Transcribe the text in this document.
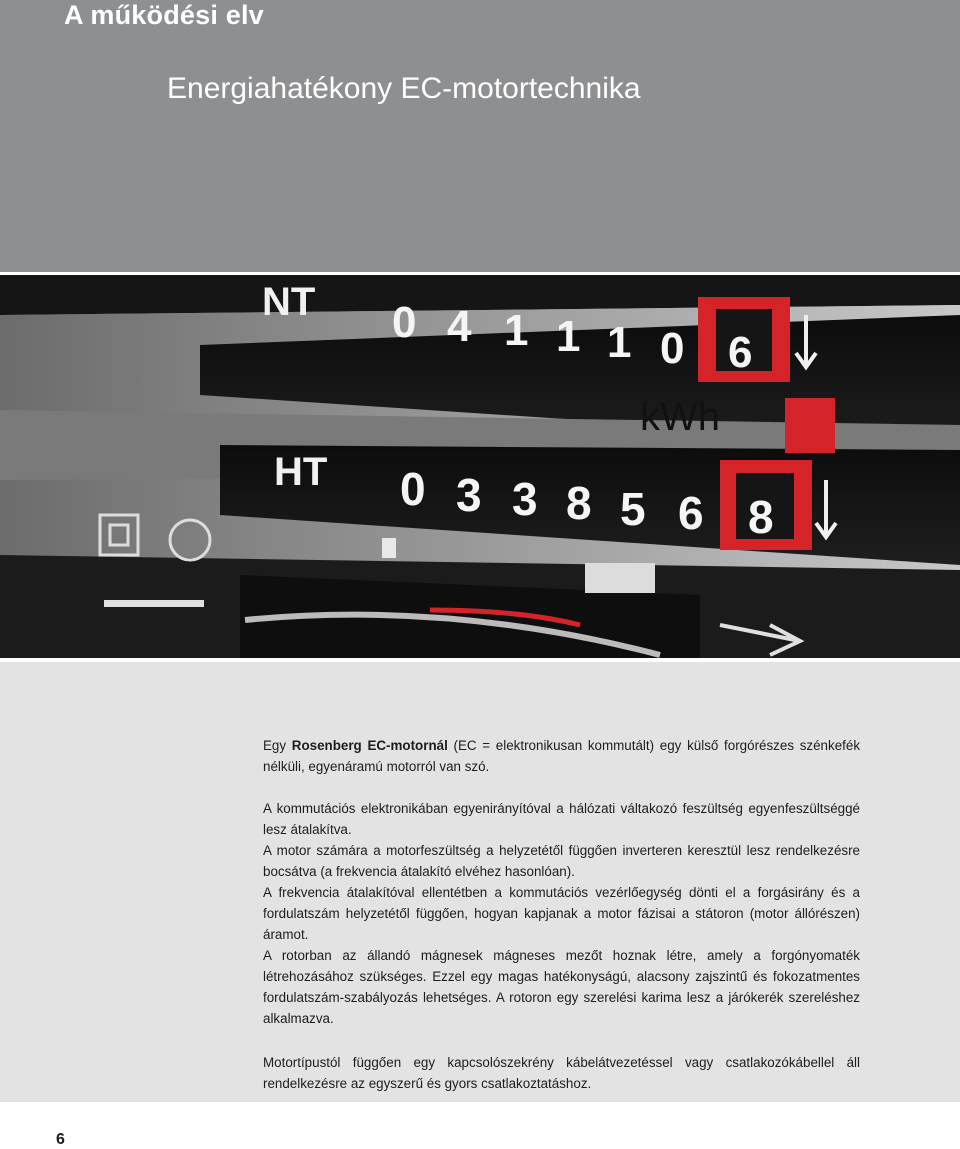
A működési elv
Energiahatékony EC-motortechnika
NT 0 4 1 1 1 0 6
kWh
HT 0 3 3 8 5 6 8

Egy Rosenberg EC-motornál (EC = elektronikusan kommutált) egy külső forgórészes szénkefék nélküli, egyenáramú motorról van szó.

A kommutációs elektronikában egyenirányítóval a hálózati váltakozó feszültség egyenfeszültséggé lesz átalakítva.

A motor számára a motorfeszültség a helyzetétől függően inverteren keresztül lesz rendelkezésre bocsátva (a frekvencia átalakító elvéhez hasonlóan).

A frekvencia átalakítóval ellentétben a kommutációs vezérlőegység dönti el a forgásirány és a fordulatszám helyzetétől függően, hogyan kapjanak a motor fázisai a státoron (motor állórészen) áramot.

A rotorban az állandó mágnesek mágneses mezőt hoznak létre, amely a forgónyomaték létrehozásához szükséges. Ezzel egy magas hatékonyságú, alacsony zajszintű és fokozatmentes fordulatszám-szabályozás lehetséges. A rotoron egy szerelési karima lesz a járókerék szereléshez alkalmazva.

Motortípustól függően egy kapcsolószekrény kábelátvezetéssel vagy csatlakozókábellel áll rendelkezésre az egyszerű és gyors csatlakoztatáshoz.

6
